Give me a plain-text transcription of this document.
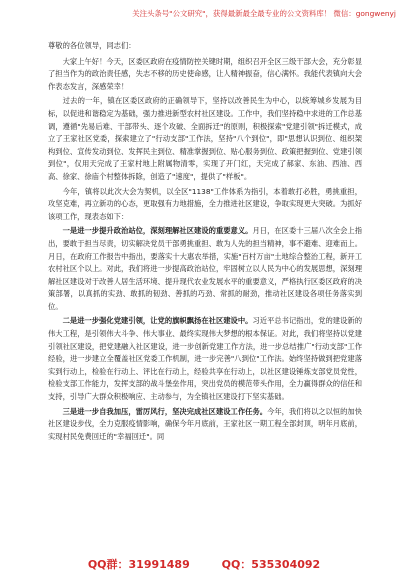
关注头条号"公文研究"，获得最新最全最专业的公文资料库！ 微信：gongwenyj

尊敬的各位领导，同志们：

大家上午好！今天，区委区政府在疫情防控关键时期，组织召开全区三级干部大会，充分彰显了担当作为的政治责任感，失志不移的历史使命感，让人精神振奋，信心满怀。我能代表镇向大会作表态发言，深感荣幸！

过去的一年，镇在区委区政府的正确领导下，坚持以改善民生为中心，以统筹城乡发展为目标，以促进和谐稳定为基础，强力推进新型农村社区建设。工作中，我们坚持稳中求进的工作总基调，遵循"先易后难、干部带头、逐个攻破、全面拆迁"的原则，积极探索"党建引领"拆迁模式，成立了王家社区党委，探索建立了"行动支部"工作法，坚持"八个到位"，即"思想认识到位、组织架构到位、宣传发动到位、发挥民主到位、精准掌握到位、贴心服务到位、政策把握到位、党建引领到位"，仅用天完成了王家村地上附属物清零，实现了开门红，天完成了郝家、东油、西油、西高、徐家、徐庙个村整体拆除，创造了"速度"，提供了"样板"。

今年，镇将以此次大会为契机，以全区"1138"工作体系为指引，本着敢打必胜，勇挑重担，攻坚克难，再立新功的心态，更取强有力地措施，全力推进社区建设，争取实现更大突破。为抓好该项工作，现表态如下：

一是进一步提升政治站位，深刻理解社区建设的重要意义。月日，在区委十三届八次全会上指出，要敢于担当尽责，切实解决党员干部勇挑重担、敢为人先的担当精神，事不避难、迎难而上。月日，在政府工作报告中指出，要落实十大惠农举措，实施"百村万亩"土地综合整治工程，新开工农村社区个以上。对此，我们将进一步提高政治站位，牢固树立以人民为中心的发展思想，深刻理解社区建设对于改善人居生活环境、提升现代农业发展水平的重要意义，严格执行区委区政府的决策部署，以真抓的实劲、敢抓的韧劲、善抓的巧劲、常抓的耐劲，推动社区建设各项任务落实到位。

二是进一步强化党建引领，让党的旗帜飘扬在社区建设中。习近平总书记指出，党的建设新的伟大工程，是引领伟大斗争、伟大事业、最终实现伟大梦想的根本保证。对此，我们将坚持以党建引领社区建设，把党建融入社区建设，进一步创新党建工作方法，进一步总结推广"行动支部"工作经验，进一步建立全覆盖社区党委工作机制，进一步完善"八到位"工作法。始终坚持做到把党建落实到行动上，检验在行动上、评比在行动上，经验共享在行动上，以社区建设锤炼支部党员党性，检验支部工作能力，发挥支部的战斗堡垒作用，突出党员的模范带头作用，全力赢得群众的信任和支持，引导广大群众积极响应、主动参与，为全镇社区建设打下坚实基础。

三是进一步自我加压，雷厉风行，坚决完成社区建设工作任务。今年，我们将以之以恒的加快社区建设步伐，全力克服疫情影响，确保今年月底前，王家社区一期工程全部封顶，明年月底前，实现村民免费回迁的"幸福回迁"。同

QQ群：31991489	QQ：535304092
